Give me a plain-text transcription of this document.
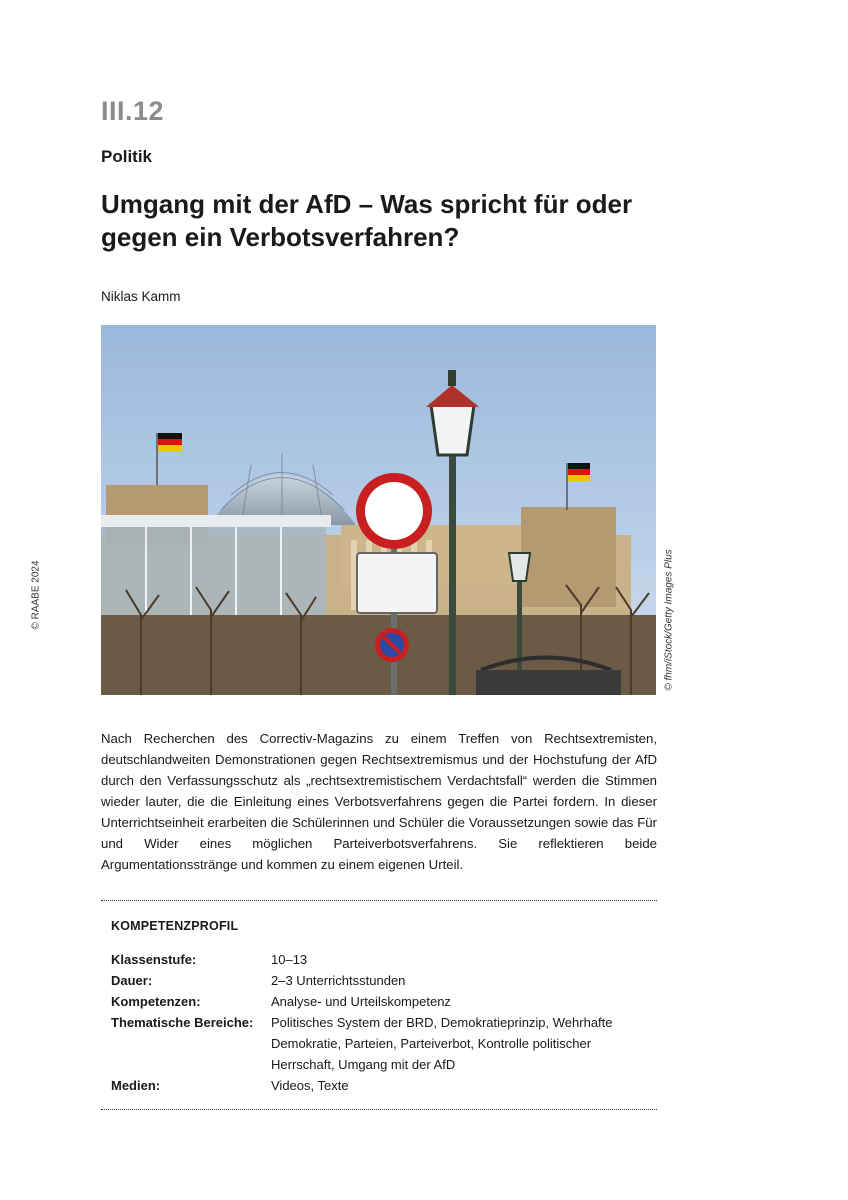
III.12
Politik
Umgang mit der AfD – Was spricht für oder gegen ein Verbotsverfahren?
Niklas Kamm
© RAABE 2024	© fhm/iStock/Getty Images Plus

Nach Recherchen des Correctiv-Magazins zu einem Treffen von Rechtsextremisten, deutschlandweiten Demonstrationen gegen Rechtsextremismus und der Hochstufung der AfD durch den Verfassungsschutz als „rechtsextremistischem Verdachtsfall“ werden die Stimmen wieder lauter, die die Einleitung eines Verbotsverfahrens gegen die Partei fordern. In dieser Unterrichtseinheit erarbeiten die Schülerinnen und Schüler die Voraussetzungen sowie das Für und Wider eines möglichen Parteiverbotsverfahrens. Sie reflektieren beide Argumentationsstränge und kommen zu einem eigenen Urteil.

KOMPETENZPROFIL
Klassenstufe:	10–13
Dauer:	2–3 Unterrichtsstunden
Kompetenzen:	Analyse- und Urteilskompetenz
Thematische Bereiche:	Politisches System der BRD, Demokratieprinzip, Wehrhafte Demokratie, Parteien, Parteiverbot, Kontrolle politischer Herrschaft, Umgang mit der AfD
Medien:	Videos, Texte
